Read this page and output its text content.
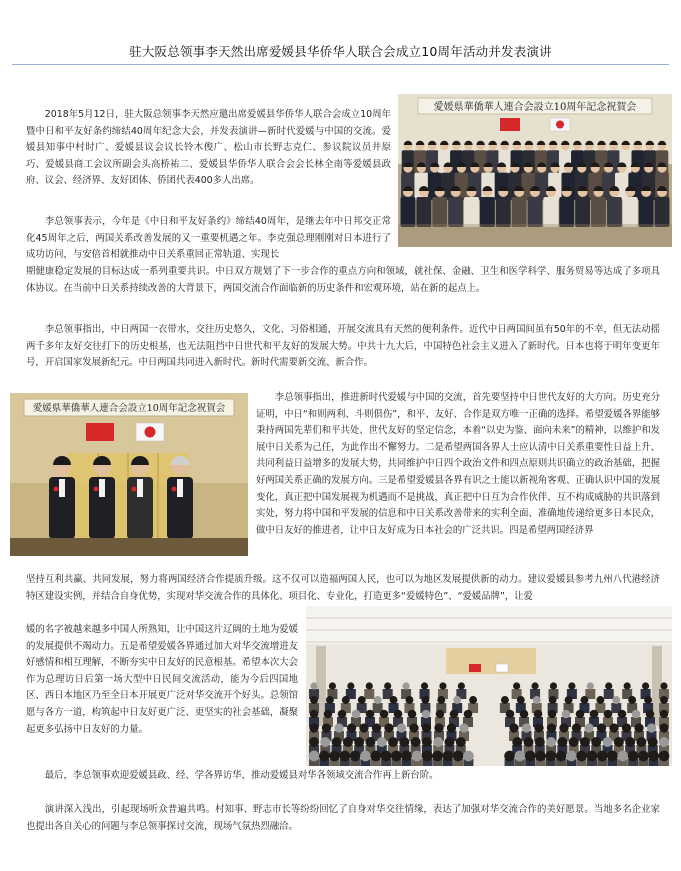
驻大阪总领事李天然出席爱媛县华侨华人联合会成立10周年活动并发表演讲
愛媛県華僑華人連合会設立10周年記念祝賀会
愛媛県華僑華人連合会設立10周年記念祝賀会

2018年5月12日，驻大阪总领事李天然应邀出席爱媛县华侨华人联合会成立10周年暨中日和平友好条约缔结40周年纪念大会，并发表演讲—新时代爱媛与中国的交流。爱媛县知事中村时广、爱媛县议会议长铃木俊广、松山市长野志克仁、参议院议员井原巧、爱媛县商工会议所副会头高桥祐二、爱媛县华侨华人联合会会长林全南等爱媛县政府、议会、经济界、友好团体、侨团代表400多人出席。

李总领事表示，今年是《中日和平友好条约》缔结40周年，是继去年中日邦交正常化45周年之后，两国关系改善发展的又一重要机遇之年。李克强总理刚刚对日本进行了成功访问，与安倍首相就推动中日关系重回正常轨道、实现长

期健康稳定发展的目标达成一系列重要共识。中日双方规划了下一步合作的重点方向和领域，就社保、金融、卫生和医学科学、服务贸易等达成了多项具体协议。在当前中日关系持续改善的大背景下，两国交流合作面临新的历史条件和宏观环境，站在新的起点上。

李总领事指出，中日两国一衣带水，交往历史悠久，文化、习俗相通，开展交流具有天然的便利条件。近代中日两国间虽有50年的不幸，但无法动摇两千多年友好交往打下的历史根基，也无法阻挡中日世代和平友好的发展大势。中共十九大后，中国特色社会主义进入了新时代。日本也将于明年变更年号，开启国家发展新纪元。中日两国共同进入新时代。新时代需要新交流、新合作。

李总领事指出，推进新时代爱媛与中国的交流，首先要坚持中日世代友好的大方向。历史充分证明，中日“和则两利、斗则俱伤”，和平、友好、合作是双方唯一正确的选择。希望爱媛各界能够秉持两国先辈们和平共处、世代友好的坚定信念，本着“以史为鉴、面向未来”的精神，以维护和发展中日关系为己任，为此作出不懈努力。二是希望两国各界人士应认清中日关系重要性日益上升、共同利益日益增多的发展大势，共同维护中日四个政治文件和四点原则共识确立的政治基础，把握好两国关系正确的发展方向。三是希望爱媛县各界有识之士能以新视角客观、正确认识中国的发展变化，真正把中国发展视为机遇而不是挑战，真正把中日互为合作伙伴、互不构成威胁的共识落到实处，努力将中国和平发展的信息和中日关系改善带来的实利全面、准确地传递给更多日本民众，做中日友好的推进者，让中日友好成为日本社会的广泛共识。四是希望两国经济界

坚持互利共赢、共同发展，努力将两国经济合作提质升级。这不仅可以造福两国人民，也可以为地区发展提供新的动力。建议爱媛县参考九州八代港经济特区建设实例，并结合自身优势，实现对华交流合作的具体化、项目化、专业化，打造更多“爱媛特色”、“爱媛品牌”，让爱

媛的名字被越来越多中国人所熟知，让中国这片辽阔的土地为爱媛的发展提供不竭动力。五是希望爱媛各界通过加大对华交流增进友好感情和相互理解，不断夯实中日友好的民意根基。希望本次大会作为总理访日后第一场大型中日民间交流活动，能为今后四国地区、西日本地区乃至全日本开展更广泛对华交流开个好头。总领馆愿与各方一道，构筑起中日友好更广泛、更坚实的社会基础，凝聚起更多弘扬中日友好的力量。

最后，李总领事欢迎爱媛县政、经、学各界访华，推动爱媛县对华各领域交流合作再上新台阶。

演讲深入浅出，引起现场听众普遍共鸣。村知事、野志市长等纷纷回忆了自身对华交往情缘，表达了加强对华交流合作的美好愿景。当地多名企业家也提出各自关心的问题与李总领事探讨交流，现场气氛热烈融洽。
